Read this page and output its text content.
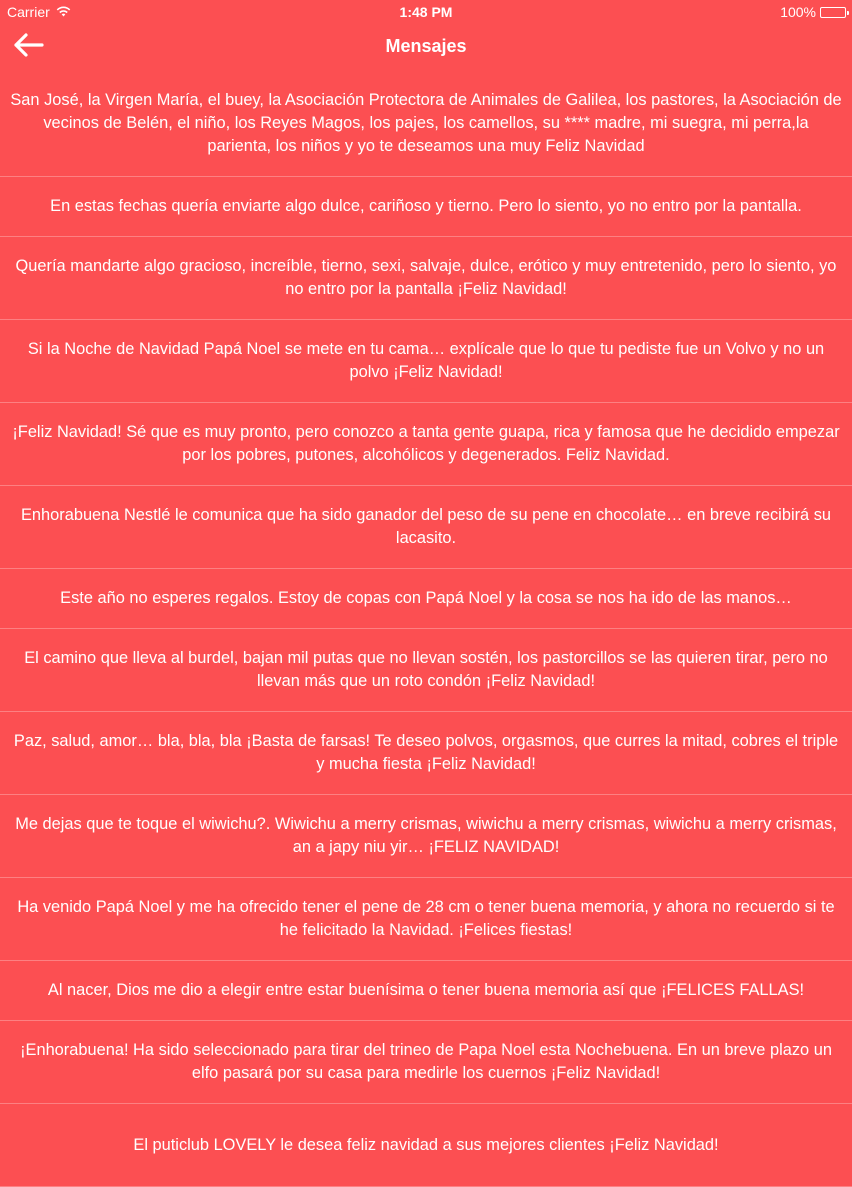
Carrier	1:48 PM	100%
Mensajes
San José, la Virgen María, el buey, la Asociación Protectora de Animales de Galilea, los pastores, la Asociación de vecinos de Belén, el niño, los Reyes Magos, los pajes, los camellos, su **** madre, mi suegra, mi perra,la parienta, los niños y yo te deseamos una muy Feliz Navidad
En estas fechas quería enviarte algo dulce, cariñoso y tierno. Pero lo siento, yo no entro por la pantalla.
Quería mandarte algo gracioso, increíble, tierno, sexi, salvaje, dulce, erótico y muy entretenido, pero lo siento, yo no entro por la pantalla ¡Feliz Navidad!
Si la Noche de Navidad Papá Noel se mete en tu cama… explícale que lo que tu pediste fue un Volvo y no un polvo ¡Feliz Navidad!
¡Feliz Navidad! Sé que es muy pronto, pero conozco a tanta gente guapa, rica y famosa que he decidido empezar por los pobres, putones, alcohólicos y degenerados. Feliz Navidad.
Enhorabuena Nestlé le comunica que ha sido ganador del peso de su pene en chocolate… en breve recibirá su lacasito.
Este año no esperes regalos. Estoy de copas con Papá Noel y la cosa se nos ha ido de las manos…
El camino que lleva al burdel, bajan mil putas que no llevan sostén, los pastorcillos se las quieren tirar, pero no llevan más que un roto condón ¡Feliz Navidad!
Paz, salud, amor… bla, bla, bla ¡Basta de farsas! Te deseo polvos, orgasmos, que curres la mitad, cobres el triple y mucha fiesta ¡Feliz Navidad!
Me dejas que te toque el wiwichu?. Wiwichu a merry crismas, wiwichu a merry crismas, wiwichu a merry crismas, an a japy niu yir… ¡FELIZ NAVIDAD!
Ha venido Papá Noel y me ha ofrecido tener el pene de 28 cm o tener buena memoria, y ahora no recuerdo si te he felicitado la Navidad. ¡Felices fiestas!
Al nacer, Dios me dio a elegir entre estar buenísima o tener buena memoria así que ¡FELICES FALLAS!
¡Enhorabuena! Ha sido seleccionado para tirar del trineo de Papa Noel esta Nochebuena. En un breve plazo un elfo pasará por su casa para medirle los cuernos ¡Feliz Navidad!
El puticlub LOVELY le desea feliz navidad a sus mejores clientes ¡Feliz Navidad!
